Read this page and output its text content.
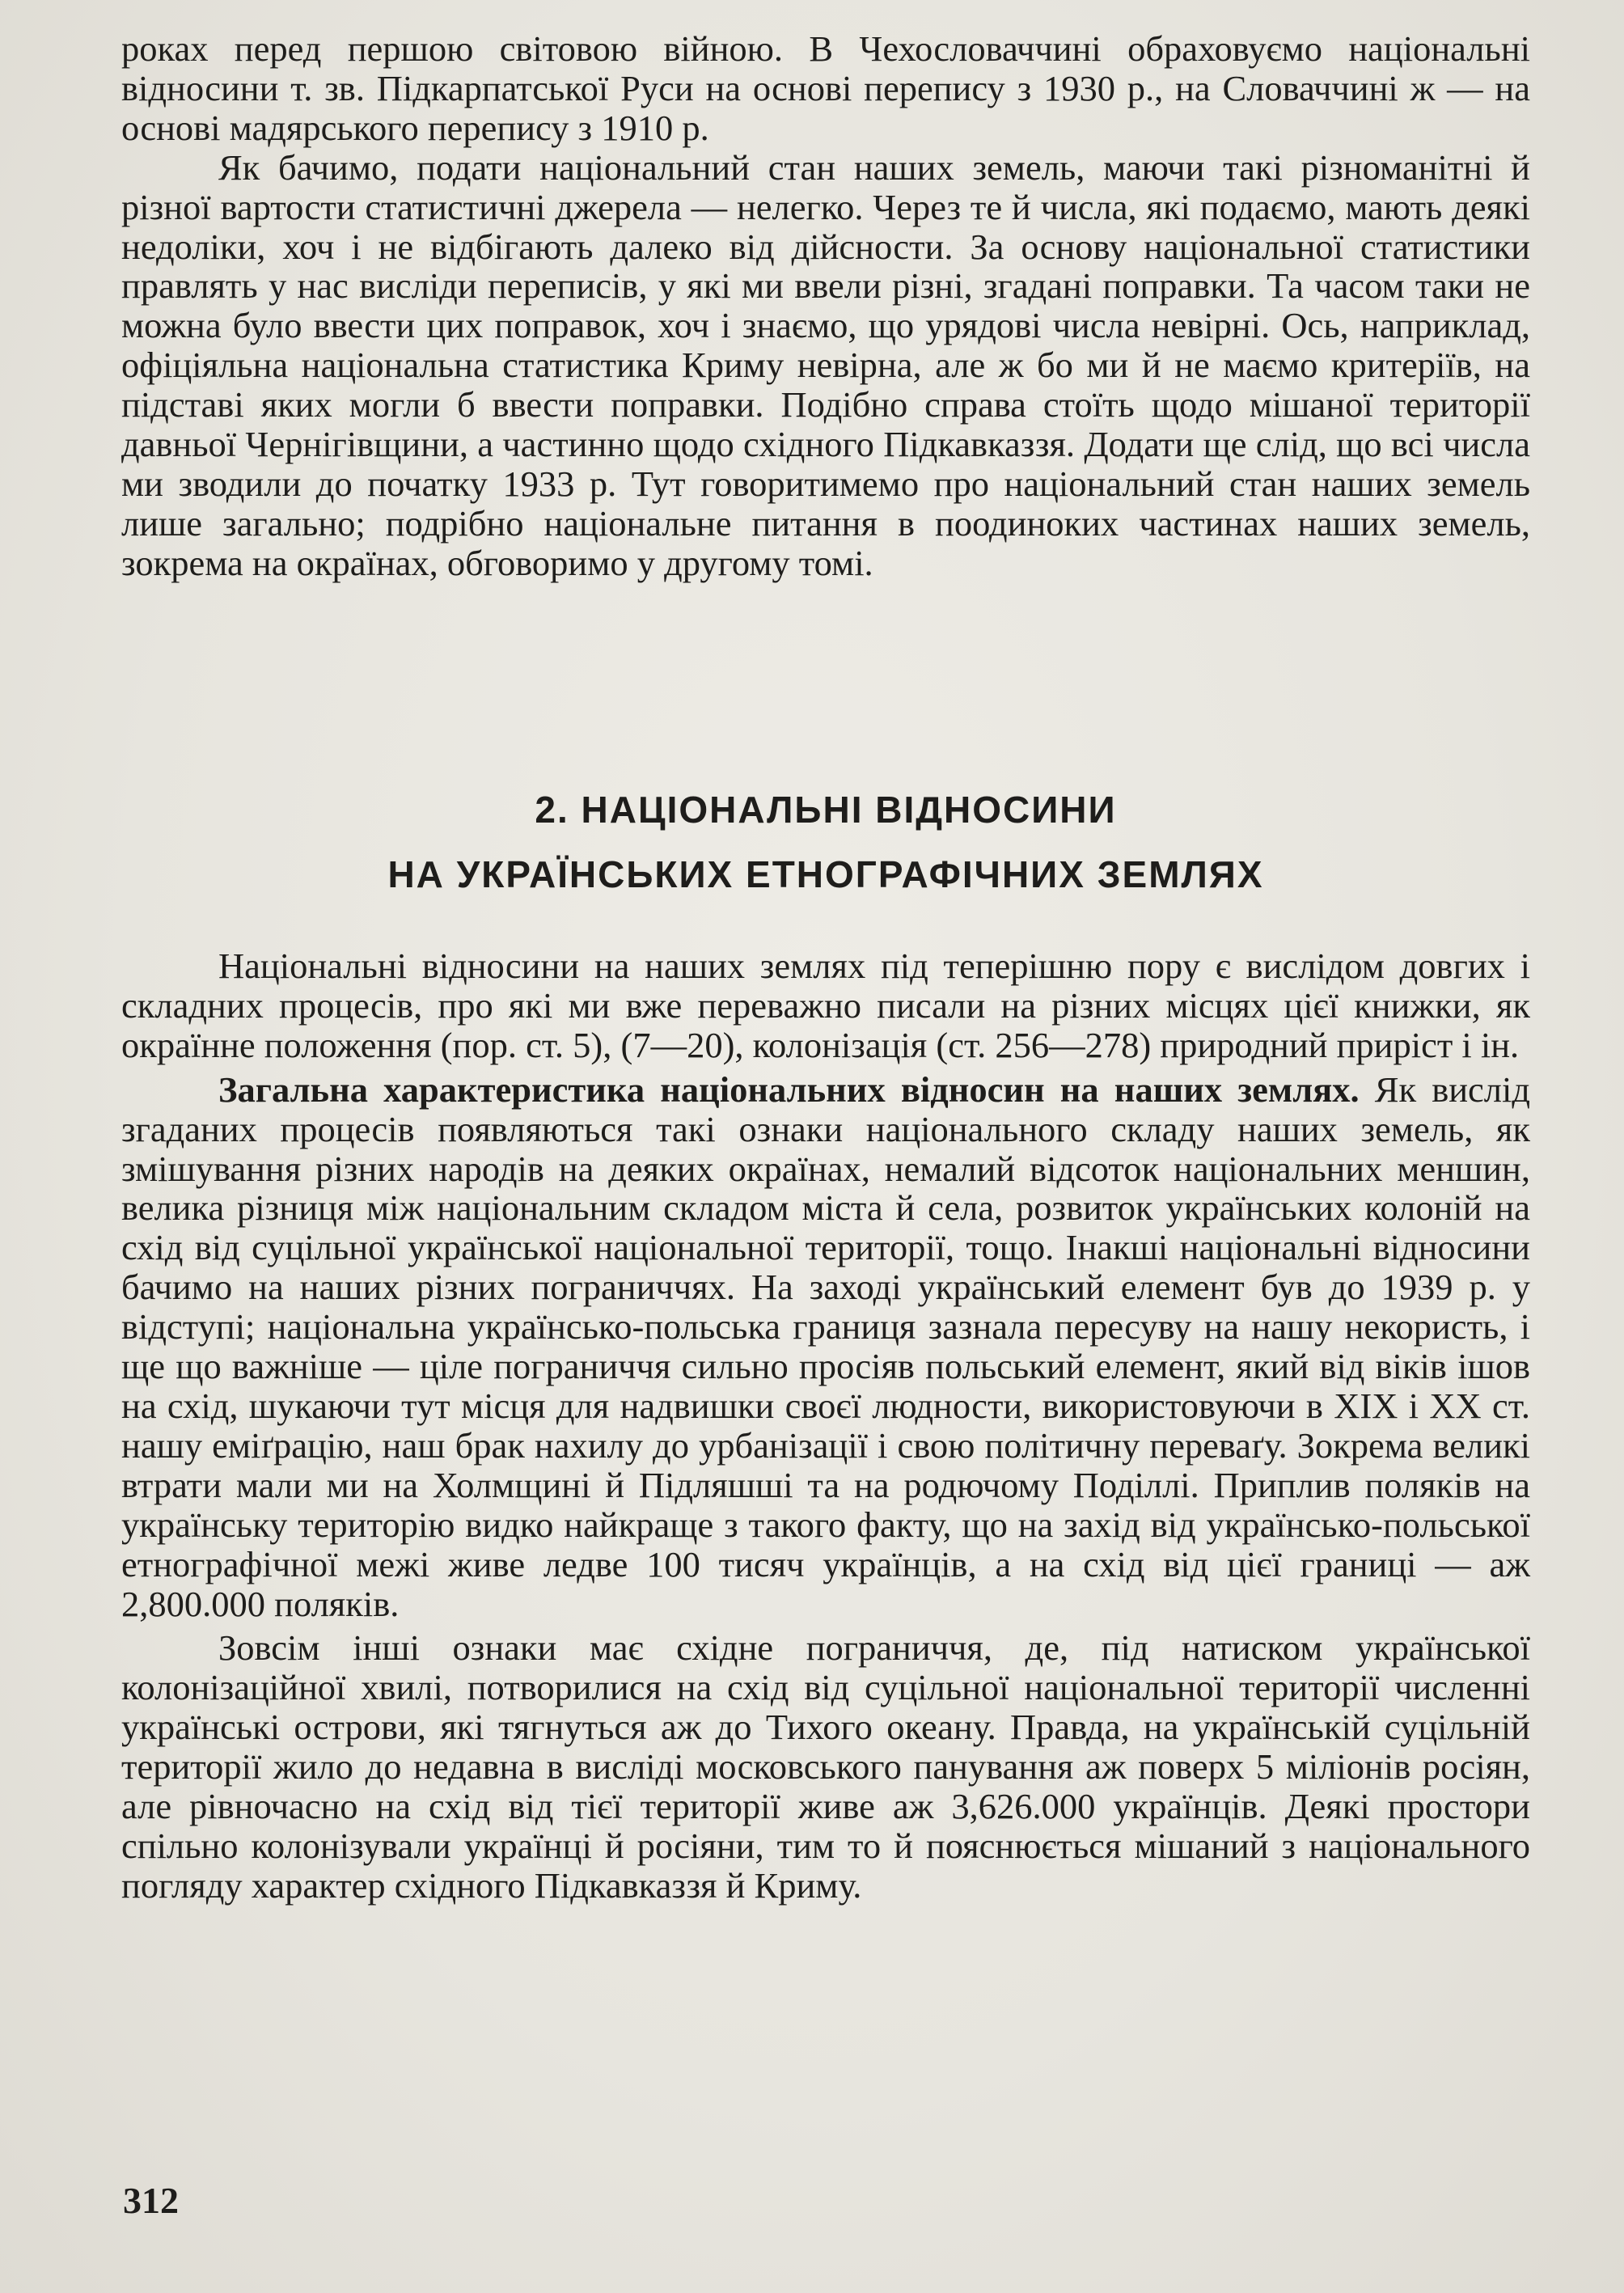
роках перед першою світовою війною. В Чехословаччині обраховуємо національні відносини т. зв. Підкарпатської Руси на основі перепису з 1930 р., на Словаччині ж — на основі мадярського перепису з 1910 р.

Як бачимо, подати національний стан наших земель, маючи такі різноманітні й різної вартости статистичні джерела — нелегко. Через те й числа, які подаємо, мають деякі недоліки, хоч і не відбігають далеко від дійсности. За основу національної статистики правлять у нас висліди переписів, у які ми ввели різні, згадані поправки. Та часом таки не можна було ввести цих поправок, хоч і знаємо, що урядові числа невірні. Ось, наприклад, офіціяльна національна статистика Криму невірна, але ж бо ми й не маємо критеріїв, на підставі яких могли б ввести поправки. Подібно справа стоїть щодо мішаної території давньої Чернігівщини, а частинно щодо східного Підкавказзя. Додати ще слід, що всі числа ми зводили до початку 1933 р. Тут говоритимемо про національний стан наших земель лише загально; подрібно національне питання в поодиноких частинах наших земель, зокрема на окраїнах, обговоримо у другому томі.

2. НАЦІОНАЛЬНІ ВІДНОСИНИ
НА УКРАЇНСЬКИХ ЕТНОГРАФІЧНИХ ЗЕМЛЯХ

Національні відносини на наших землях під теперішню пору є вислідом довгих і складних процесів, про які ми вже переважно писали на різних місцях цієї книжки, як окраїнне положення (пор. ст. 5), (7—20), колонізація (ст. 256—278) природний приріст і ін.

Загальна характеристика національних відносин на наших землях. Як вислід згаданих процесів появляються такі ознаки національного складу наших земель, як змішування різних народів на деяких окраїнах, немалий відсоток національних меншин, велика різниця між національним складом міста й села, розвиток українських колоній на схід від суцільної української національної території, тощо. Інакші національні відносини бачимо на наших різних пограниччях. На заході український елемент був до 1939 р. у відступі; національна українсько-польська границя зазнала пересуву на нашу некористь, і ще що важніше — ціле пограниччя сильно просіяв польський елемент, який від віків ішов на схід, шукаючи тут місця для надвишки своєї людности, використовуючи в XIX і XX ст. нашу еміґрацію, наш брак нахилу до урбанізації і свою політичну переваґу. Зокрема великі втрати мали ми на Холмщині й Підляшші та на родючому Поділлі. Приплив поляків на українську територію видко найкраще з такого факту, що на захід від українсько-польської етнографічної межі живе ледве 100 тисяч українців, а на схід від цієї границі — аж 2,800.000 поляків.

Зовсім інші ознаки має східне пограниччя, де, під натиском української колонізаційної хвилі, потворилися на схід від суцільної національної території численні українські острови, які тягнуться аж до Тихого океану. Правда, на українській суцільній території жило до недавна в висліді московського панування аж поверх 5 міліонів росіян, але рівночасно на схід від тієї території живе аж 3,626.000 українців. Деякі простори спільно колонізували українці й росіяни, тим то й пояснюється мішаний з національного погляду характер східного Підкавказзя й Криму.

312
